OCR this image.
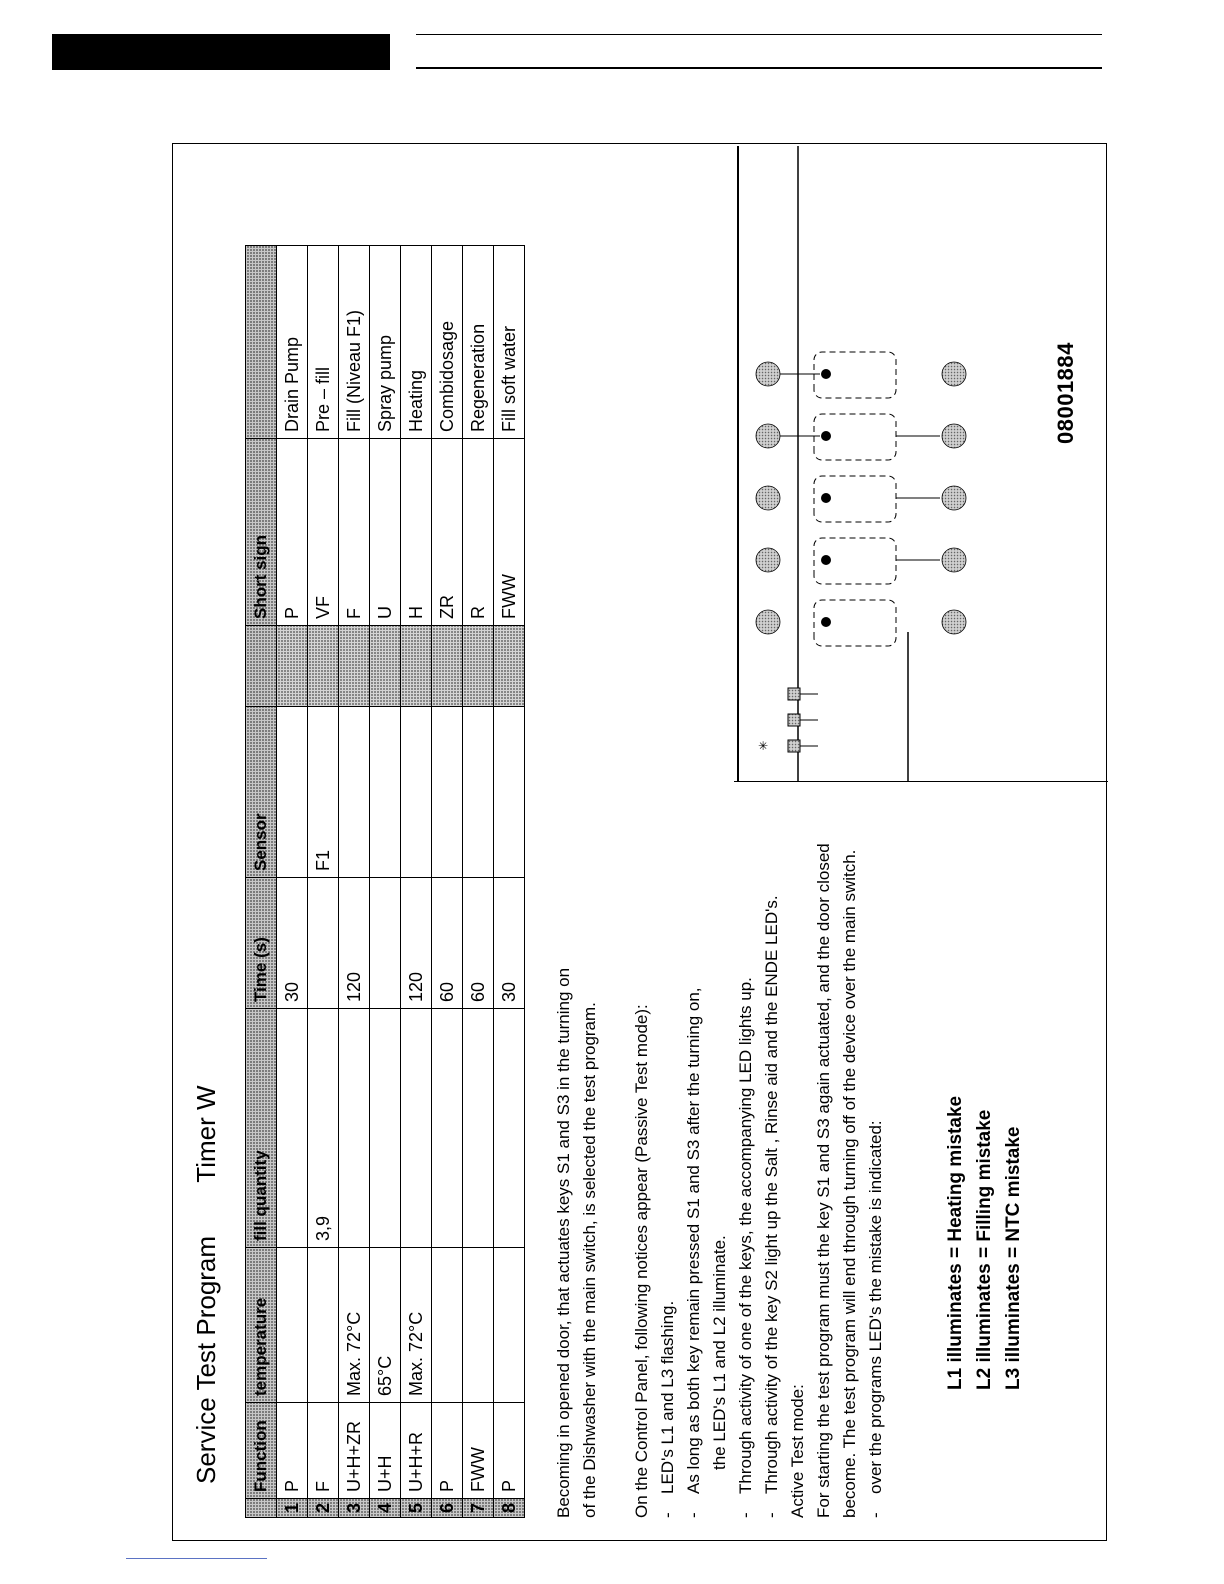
Service Test Program Timer W
	Function	temperature	fill quantity	Time (s)	Sensor		Short sign	
1	P			30			P	Drain Pump
2	F		3,9		F1		VF	Pre – fill
3	U+H+ZR	Max. 72°C		120			F	Fill (Niveau F1)
4	U+H	65°C					U	Spray pump
5	U+H+R	Max. 72°C		120			H	Heating
6	P			60			ZR	Combidosage
7	FWW			60			R	Regeneration
8	P			30			FWW	Fill soft water

Becoming in opened door, that actuates keys S1 and S3 in the turning on of the Dishwasher with the main switch, is selected the test program. On the Control Panel, following notices appear (Passive Test mode): -
LED's L1 and L3 flashing.

-
As long as both key remain pressed S1 and S3 after the turning on, the LED's L1 and L2 illuminate.

-
Through activity of one of the keys, the accompanying LED lights up.

-
Through activity of the key S2 light up the Salt , Rinse aid and the ENDE LED's. Active Test mode: For starting the test program must the key S1 and S3 again actuated, and the door closed become. The test program will end through turning off of the device over the main switch. -
over the programs LED's the mistake is indicated:	L1 illuminates = Heating mistake L2 illuminates = Filling mistake L3 illuminates = NTC mistake
✳
08001884
